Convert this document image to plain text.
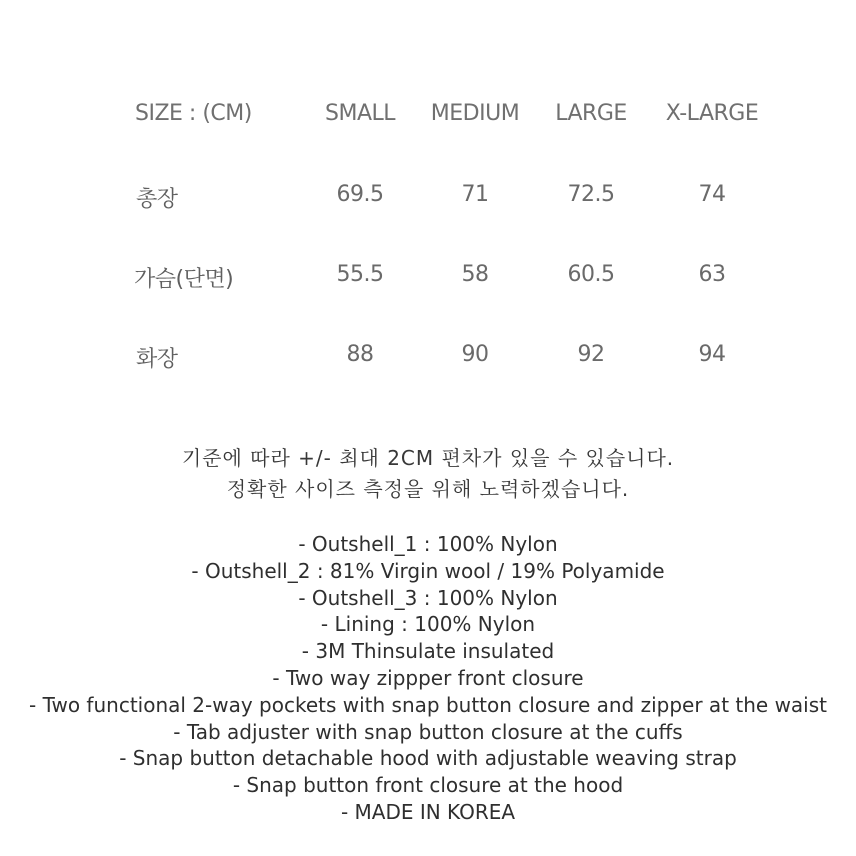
SIZE : (CM)	SMALL MEDIUM LARGE X-LARGE
총장	69.5	71	72.5	74
가슴(단면)	55.5	58	60.5	63
화장	88	90	92	94
기준에 따라 +/- 최대 2CM 편차가 있을 수 있습니다.
정확한 사이즈 측정을 위해 노력하겠습니다.
- Outshell_1 : 100% Nylon
- Outshell_2 : 81% Virgin wool / 19% Polyamide
- Outshell_3 : 100% Nylon
- Lining : 100% Nylon
- 3M Thinsulate insulated
- Two way zippper front closure
- Two functional 2-way pockets with snap button closure and zipper at the waist
- Tab adjuster with snap button closure at the cuffs
- Snap button detachable hood with adjustable weaving strap
- Snap button front closure at the hood
- MADE IN KOREA
